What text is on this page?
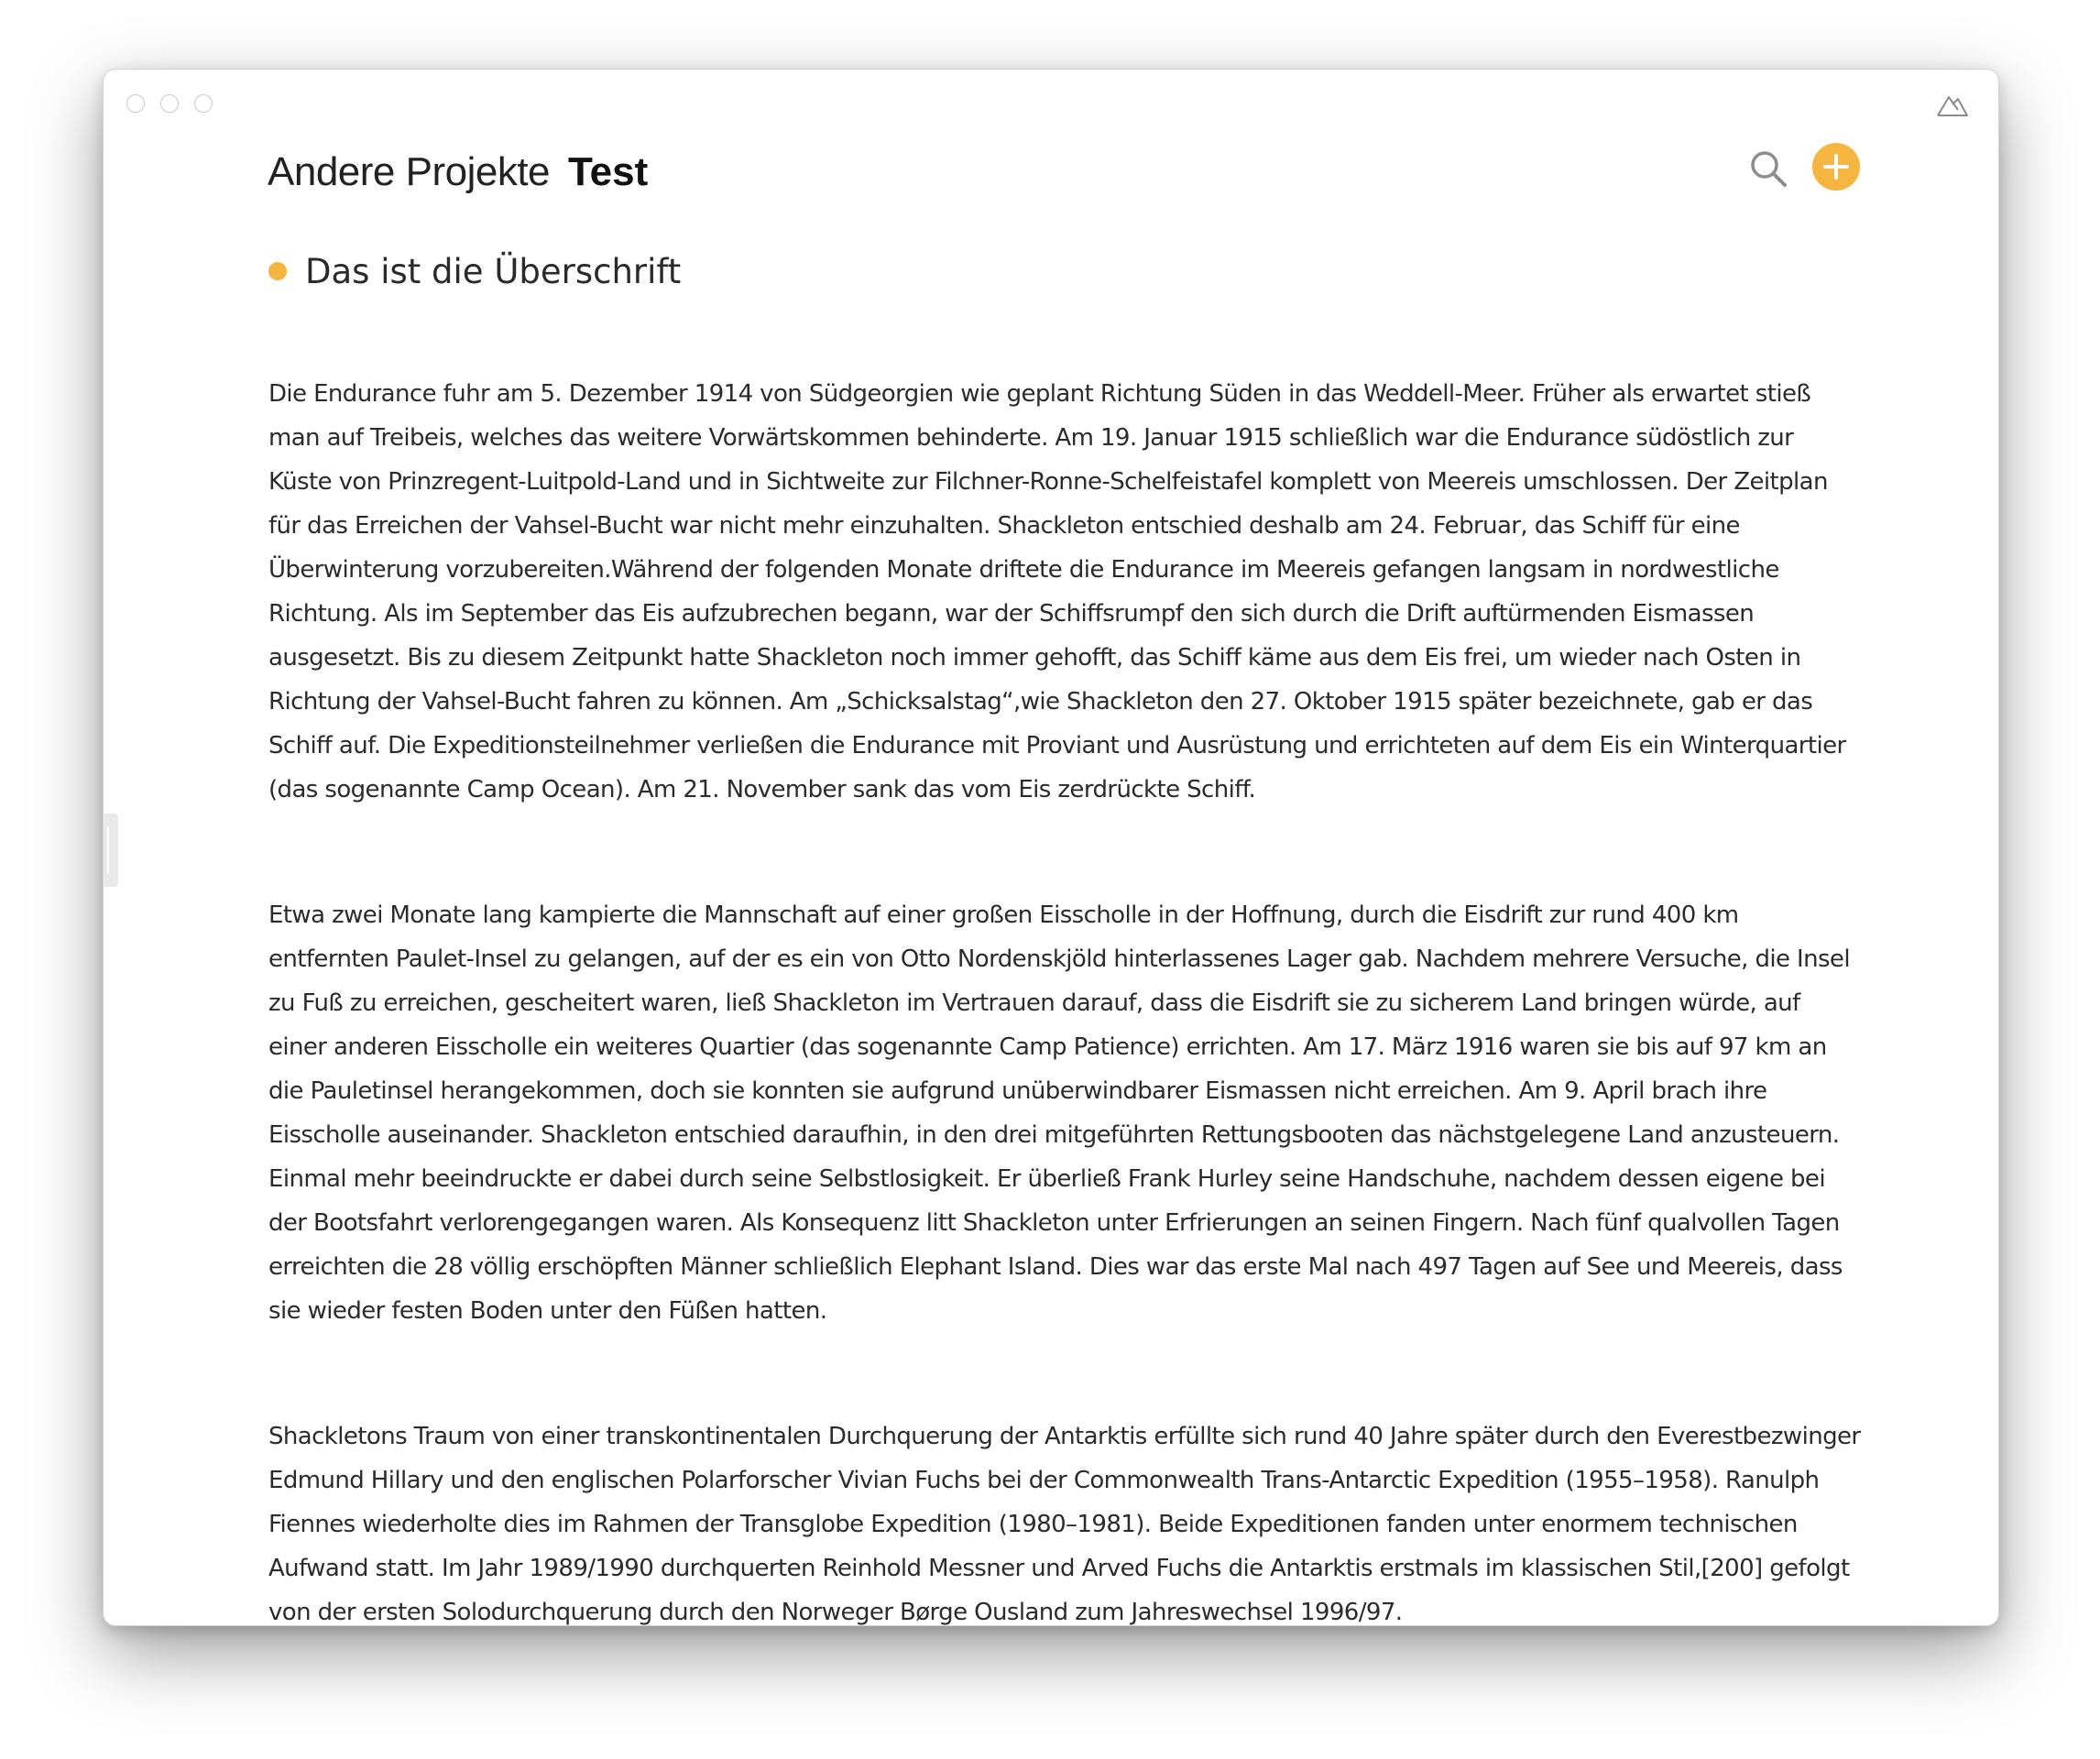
Andere Projekte Test
Das ist die Überschrift

Die Endurance fuhr am 5. Dezember 1914 von Südgeorgien wie geplant Richtung Süden in das Weddell-Meer. Früher als erwartet stieß man auf Treibeis, welches das weitere Vorwärtskommen behinderte. Am 19. Januar 1915 schließlich war die Endurance südöstlich zur Küste von Prinzregent-Luitpold-Land und in Sichtweite zur Filchner-Ronne-Schelfeistafel komplett von Meereis umschlossen. Der Zeitplan für das Erreichen der Vahsel-Bucht war nicht mehr einzuhalten. Shackleton entschied deshalb am 24. Februar, das Schiff für eine Überwinterung vorzubereiten.Während der folgenden Monate driftete die Endurance im Meereis gefangen langsam in nordwestliche Richtung. Als im September das Eis aufzubrechen begann, war der Schiffsrumpf den sich durch die Drift auftürmenden Eismassen ausgesetzt. Bis zu diesem Zeitpunkt hatte Shackleton noch immer gehofft, das Schiff käme aus dem Eis frei, um wieder nach Osten in Richtung der Vahsel-Bucht fahren zu können. Am „Schicksalstag“,wie Shackleton den 27. Oktober 1915 später bezeichnete, gab er das Schiff auf. Die Expeditionsteilnehmer verließen die Endurance mit Proviant und Ausrüstung und errichteten auf dem Eis ein Winterquartier (das sogenannte Camp Ocean). Am 21. November sank das vom Eis zerdrückte Schiff.

Etwa zwei Monate lang kampierte die Mannschaft auf einer großen Eisscholle in der Hoffnung, durch die Eisdrift zur rund 400 km entfernten Paulet-Insel zu gelangen, auf der es ein von Otto Nordenskjöld hinterlassenes Lager gab. Nachdem mehrere Versuche, die Insel zu Fuß zu erreichen, gescheitert waren, ließ Shackleton im Vertrauen darauf, dass die Eisdrift sie zu sicherem Land bringen würde, auf einer anderen Eisscholle ein weiteres Quartier (das sogenannte Camp Patience) errichten. Am 17. März 1916 waren sie bis auf 97 km an die Pauletinsel herangekommen, doch sie konnten sie aufgrund unüberwindbarer Eismassen nicht erreichen. Am 9. April brach ihre Eisscholle auseinander. Shackleton entschied daraufhin, in den drei mitgeführten Rettungsbooten das nächstgelegene Land anzusteuern. Einmal mehr beeindruckte er dabei durch seine Selbstlosigkeit. Er überließ Frank Hurley seine Handschuhe, nachdem dessen eigene bei der Bootsfahrt verlorengegangen waren. Als Konsequenz litt Shackleton unter Erfrierungen an seinen Fingern. Nach fünf qualvollen Tagen erreichten die 28 völlig erschöpften Männer schließlich Elephant Island. Dies war das erste Mal nach 497 Tagen auf See und Meereis, dass sie wieder festen Boden unter den Füßen hatten.

Shackletons Traum von einer transkontinentalen Durchquerung der Antarktis erfüllte sich rund 40 Jahre später durch den Everestbezwinger Edmund Hillary und den englischen Polarforscher Vivian Fuchs bei der Commonwealth Trans-Antarctic Expedition (1955–1958). Ranulph Fiennes wiederholte dies im Rahmen der Transglobe Expedition (1980–1981). Beide Expeditionen fanden unter enormem technischen Aufwand statt. Im Jahr 1989/1990 durchquerten Reinhold Messner und Arved Fuchs die Antarktis erstmals im klassischen Stil,[200] gefolgt von der ersten Solodurchquerung durch den Norweger Børge Ousland zum Jahreswechsel 1996/97.
